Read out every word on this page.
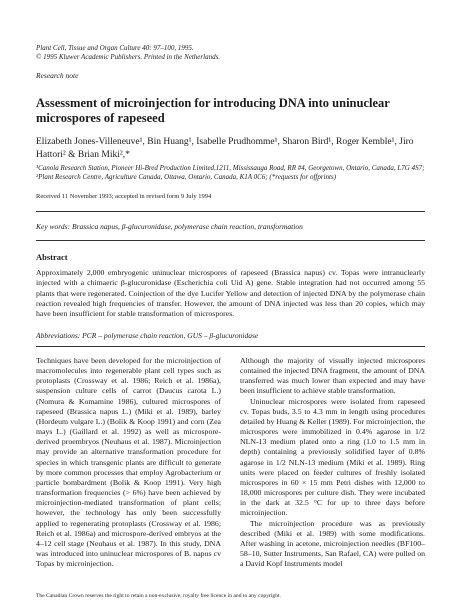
Plant Cell, Tissue and Organ Culture 40: 97–100, 1995.
© 1995 Kluwer Academic Publishers. Printed in the Netherlands.
Research note
Assessment of microinjection for introducing DNA into uninuclear microspores of rapeseed
Elizabeth Jones-Villeneuve¹, Bin Huang¹, Isabelle Prudhomme¹, Sharon Bird¹, Roger Kemble¹, Jiro Hattori² & Brian Miki²,*
¹Canola Research Station, Pioneer Hi-Bred Production Limited,1211, Mississauga Road, RR #4, Georgetown, Ontario, Canada, L7G 4S7; ²Plant Research Centre, Agriculture Canada, Ottawa, Ontario, Canada, K1A 0C6; (*requests for offprints)
Received 11 November 1993; accepted in revised form 9 July 1994
Key words: Brassica napus, β-glucuronidase, polymerase chain reaction, transformation
Abstract
Approximately 2,000 embryogenic uninuclear microspores of rapeseed (Brassica napus) cv. Topas were intranuclearly injected with a chimaeric β-glucuronidase (Escherichia coli Uid A) gene. Stable integration had not occurred among 55 plants that were regenerated. Coinjection of the dye Lucifer Yellow and detection of injected DNA by the polymerase chain reaction revealed high frequencies of transfer. However, the amount of DNA injected was less than 20 copies, which may have been insufficient for stable transformation of microspores.
Abbreviations: PCR – polymerase chain reaction, GUS – β-glucuronidase

Techniques have been developed for the microinjection of macromolecules into regenerable plant cell types such as protoplasts (Crossway et al. 1986; Reich et al. 1986a), suspension culture cells of carrot (Daucus carota L.) (Nomura & Komamine 1986), cultured microspores of rapeseed (Brassica napus L.) (Miki et al. 1989), barley (Hordeum vulgare L.) (Bolik & Koop 1991) and corn (Zea mays L.) (Gaillard et al. 1992) as well as microspore-derived proembryos (Neuhaus et al. 1987). Microinjection may provide an alternative transformation procedure for species in which transgenic plants are difficult to generate by more common processes that employ Agrobacterium or particle bombardment (Bolik & Koop 1991). Very high transformation frequencies (> 6%) have been achieved by microinjection-mediated transformation of plant cells; however, the technology has only been successfully applied to regenerating protoplasts (Crossway et al. 1986; Reich et al. 1986a) and microspore-derived embryos at the 4–12 cell stage (Neuhaus et al. 1987). In this study, DNA was introduced into uninuclear microspores of B. napus cv Topas by microinjection.

Although the majority of visually injected microspores contained the injected DNA fragment, the amount of DNA transferred was much lower than expected and may have been insufficient to achieve stable transformation.

Uninuclear microspores were isolated from rapeseed cv. Topas buds, 3.5 to 4.3 mm in length using procedures detailed by Huang & Keller (1989). For microinjection, the microspores were immobilized in 0.4% agarose in 1/2 NLN-13 medium plated onto a ring (1.0 to 1.5 mm in depth) containing a previously solidified layer of 0.8% agarose in 1/2 NLN-13 medium (Miki et al. 1989). Ring units were placed on feeder cultures of freshly isolated microspores in 60 × 15 mm Petri dishes with 12,000 to 18,000 microspores per culture dish. They were incubated in the dark at 32.5 °C for up to three days before microinjection.

The microinjection procedure was as previously described (Miki et al. 1989) with some modifications. After washing in acetone, microinjection needles (BF100–58–10, Sutter Instruments, San Rafael, CA) were pulled on a David Kopf Instruments model

The Canadian Crown reserves the right to retain a non-exclusive, royalty free licence in and to any copyright.
